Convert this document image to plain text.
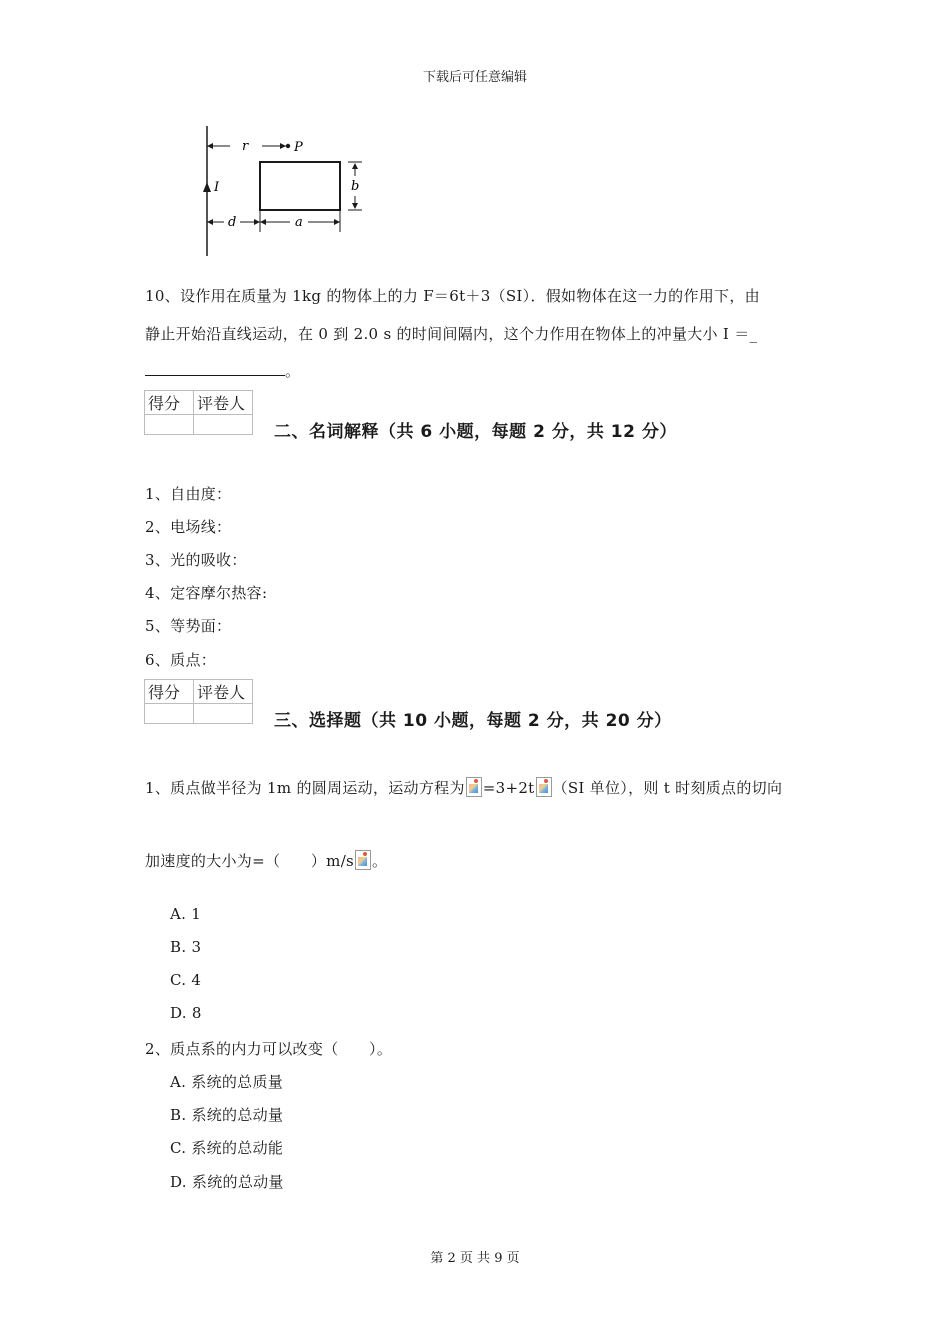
下载后可任意编辑
r	P
I	b
d	a
10、设作用在质量为 1kg 的物体上的力 F＝6t＋3（SI）．假如物体在这一力的作用下，由
静止开始沿直线运动，在 0 到 2.0 s 的时间间隔内，这个力作用在物体上的冲量大小 I ＝_
。
得分	评卷人

二、名词解释（共 6 小题，每题 2 分，共 12 分）
1、自由度：
2、电场线：
3、光的吸收：
4、定容摩尔热容:
5、等势面：
6、质点：
得分	评卷人

三、选择题（共 10 小题，每题 2 分，共 20 分）
1、质点做半径为 1m 的圆周运动，运动方程为 =3+2t （SI 单位），则 t 时刻质点的切向
加速度的大小为=（　　）m/s 。
A. 1
B. 3
C. 4
D. 8
2、质点系的内力可以改变（　　）。
A. 系统的总质量
B. 系统的总动量
C. 系统的总动能
D. 系统的总动量
第 2 页 共 9 页
